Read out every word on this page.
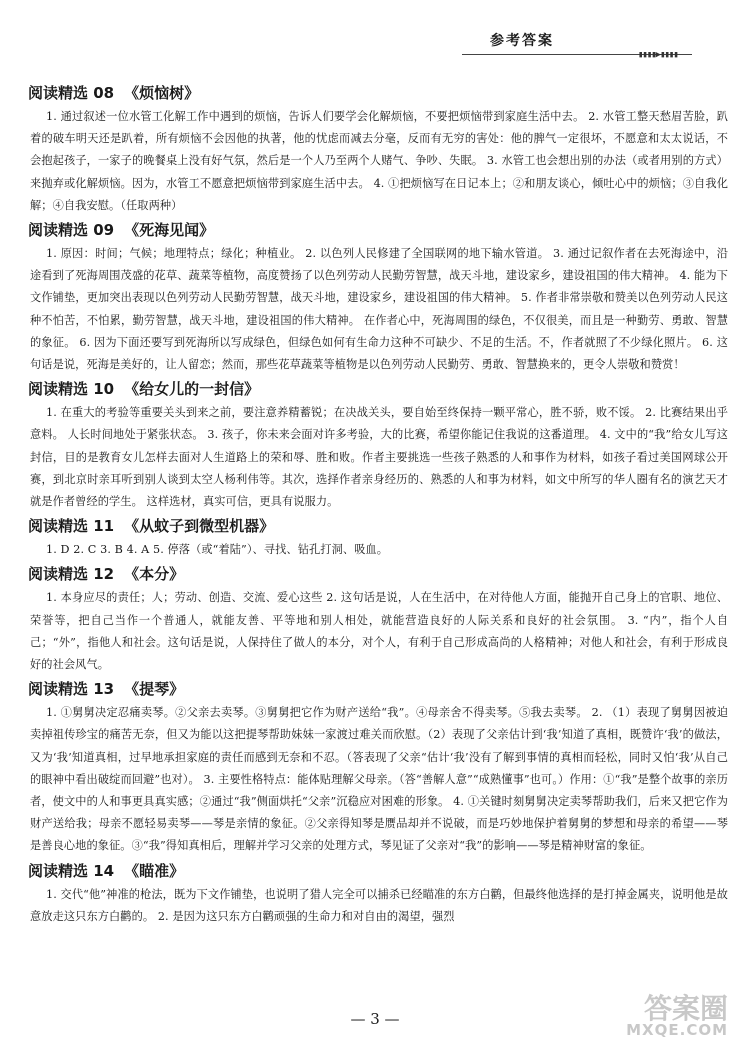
参考答案
▮▮▮▮▶▮▮▮▮
阅读精选 08 《烦恼树》

1. 通过叙述一位水管工化解工作中遇到的烦恼，告诉人们要学会化解烦恼，不要把烦恼带到家庭生活中去。 2. 水管工整天愁眉苦脸，趴着的破车明天还是趴着，所有烦恼不会因他的执著，他的忧虑而减去分毫，反而有无穷的害处：他的脾气一定很坏，不愿意和太太说话，不会抱起孩子，一家子的晚餐桌上没有好气氛，然后是一个人乃至两个人赌气、争吵、失眠。 3. 水管工也会想出别的办法（或者用别的方式）来抛弃或化解烦恼。因为，水管工不愿意把烦恼带到家庭生活中去。 4. ①把烦恼写在日记本上；②和朋友谈心，倾吐心中的烦恼；③自我化解；④自我安慰。（任取两种）

阅读精选 09 《死海见闻》

1. 原因：时间；气候；地理特点；绿化；种植业。 2. 以色列人民修建了全国联网的地下输水管道。 3. 通过记叙作者在去死海途中，沿途看到了死海周围茂盛的花草、蔬菜等植物，高度赞扬了以色列劳动人民勤劳智慧，战天斗地，建设家乡，建设祖国的伟大精神。 4. 能为下文作铺垫，更加突出表现以色列劳动人民勤劳智慧，战天斗地，建设家乡，建设祖国的伟大精神。 5. 作者非常崇敬和赞美以色列劳动人民这种不怕苦，不怕累，勤劳智慧，战天斗地，建设祖国的伟大精神。 在作者心中，死海周围的绿色，不仅很美，而且是一种勤劳、勇敢、智慧的象征。 6. 因为下面还要写到死海所以写成绿色，但绿色如何有生命力这种不可缺少、不足的生活。不，作者就照了不少绿化照片。 6. 这句话是说，死海是美好的，让人留恋；然而，那些花草蔬菜等植物是以色列劳动人民勤劳、勇敢、智慧换来的，更令人崇敬和赞赏！

阅读精选 10 《给女儿的一封信》

1. 在重大的考验等重要关头到来之前，要注意养精蓄锐；在决战关头，要自始至终保持一颗平常心，胜不骄，败不馁。 2. 比赛结果出乎意料。 人长时间地处于紧张状态。 3. 孩子，你未来会面对许多考验，大的比赛，希望你能记住我说的这番道理。 4. 文中的“我”给女儿写这封信，目的是教育女儿怎样去面对人生道路上的荣和辱、胜和败。作者主要挑选一些孩子熟悉的人和事作为材料，如孩子看过美国网球公开赛，到北京时亲耳听到别人谈到太空人杨利伟等。其次，选择作者亲身经历的、熟悉的人和事为材料，如文中所写的华人圈有名的演艺天才就是作者曾经的学生。 这样选材，真实可信，更具有说服力。

阅读精选 11 《从蚊子到微型机器》

1. D 2. C 3. B 4. A 5. 停落（或“着陆”）、寻找、钻孔打洞、吸血。

阅读精选 12 《本分》

1. 本身应尽的责任；人；劳动、创造、交流、爱心这些 2. 这句话是说，人在生活中，在对待他人方面，能抛开自己身上的官职、地位、荣誉等，把自己当作一个普通人，就能友善、平等地和别人相处，就能营造良好的人际关系和良好的社会氛围。 3. “内”，指个人自己；“外”，指他人和社会。这句话是说，人保持住了做人的本分，对个人，有利于自己形成高尚的人格精神；对他人和社会，有利于形成良好的社会风气。

阅读精选 13 《提琴》

1. ①舅舅决定忍痛卖琴。②父亲去卖琴。③舅舅把它作为财产送给“我”。④母亲舍不得卖琴。⑤我去卖琴。 2. （1）表现了舅舅因被迫卖掉祖传珍宝的痛苦无奈，但又为能以这把提琴帮助妹妹一家渡过难关而欣慰。（2）表现了父亲估计到‘我’知道了真相，既赞许‘我’的做法，又为‘我’知道真相，过早地承担家庭的责任而感到无奈和不忍。（答表现了父亲“估计‘我’没有了解到事情的真相而轻松，同时又怕‘我’从自己的眼神中看出破绽而回避”也对）。 3. 主要性格特点：能体贴理解父母亲。（答“善解人意”“成熟懂事”也可。）作用：①“我”是整个故事的亲历者，使文中的人和事更具真实感；②通过“我”侧面烘托“父亲”沉稳应对困难的形象。 4. ①关键时刻舅舅决定卖琴帮助我们，后来又把它作为财产送给我；母亲不愿轻易卖琴——琴是亲情的象征。②父亲得知琴是赝品却并不说破，而是巧妙地保护着舅舅的梦想和母亲的希望——琴是善良心地的象征。③“我”得知真相后，理解并学习父亲的处理方式，琴见证了父亲对“我”的影响——琴是精神财富的象征。

阅读精选 14 《瞄准》

1. 交代“他”神准的枪法，既为下文作铺垫，也说明了猎人完全可以捕杀已经瞄准的东方白鹳，但最终他选择的是打掉金属夹，说明他是故意放走这只东方白鹳的。 2. 是因为这只东方白鹳顽强的生命力和对自由的渴望，强烈

— 3 —	答案圈
MXQE.COM
